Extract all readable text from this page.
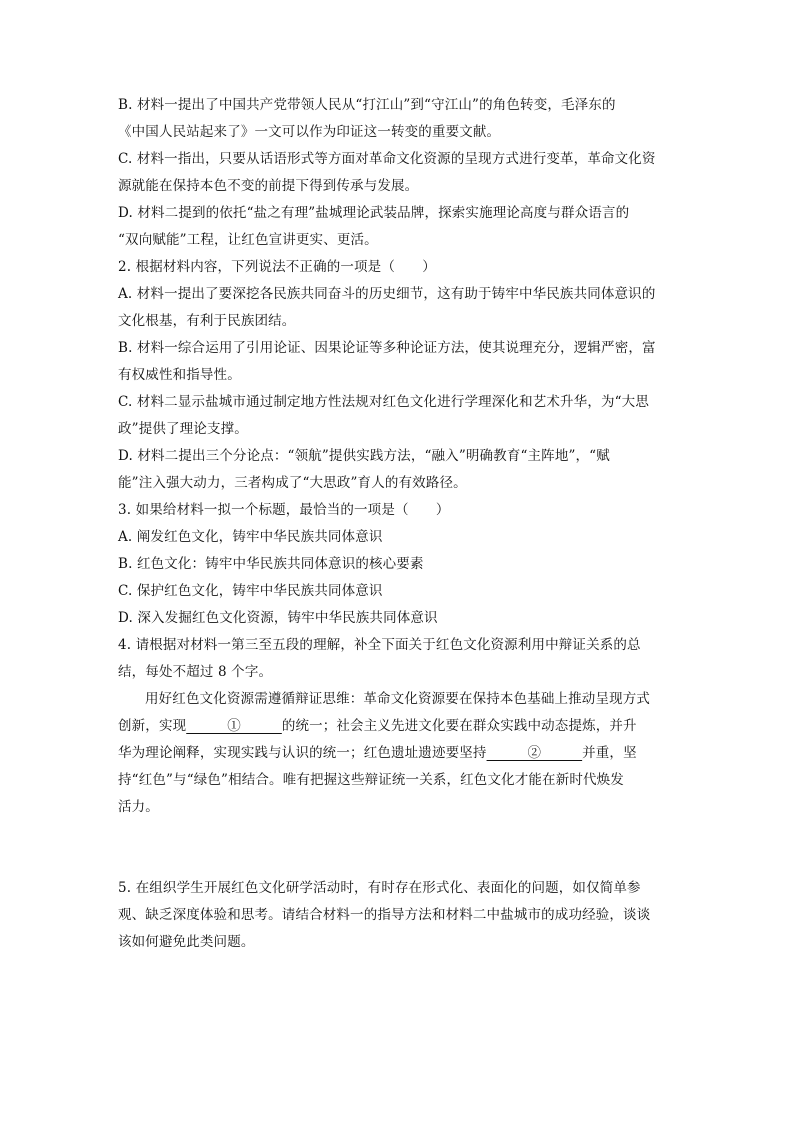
B. 材料一提出了中国共产党带领人民从“打江山”到“守江山”的角色转变，毛泽东的
《中国人民站起来了》一文可以作为印证这一转变的重要文献。
C. 材料一指出，只要从话语形式等方面对革命文化资源的呈现方式进行变革，革命文化资
源就能在保持本色不变的前提下得到传承与发展。
D. 材料二提到的依托“盐之有理”盐城理论武装品牌，探索实施理论高度与群众语言的
“双向赋能”工程，让红色宣讲更实、更活。
2. 根据材料内容，下列说法不正确的一项是（　　）
A. 材料一提出了要深挖各民族共同奋斗的历史细节，这有助于铸牢中华民族共同体意识的
文化根基，有利于民族团结。
B. 材料一综合运用了引用论证、因果论证等多种论证方法，使其说理充分，逻辑严密，富
有权威性和指导性。
C. 材料二显示盐城市通过制定地方性法规对红色文化进行学理深化和艺术升华，为“大思
政”提供了理论支撑。
D. 材料二提出三个分论点：“领航”提供实践方法，“融入”明确教育“主阵地”，“赋
能”注入强大动力，三者构成了“大思政”育人的有效路径。
3. 如果给材料一拟一个标题，最恰当的一项是（　　）
A. 阐发红色文化，铸牢中华民族共同体意识
B. 红色文化：铸牢中华民族共同体意识的核心要素
C. 保护红色文化，铸牢中华民族共同体意识
D. 深入发掘红色文化资源，铸牢中华民族共同体意识
4. 请根据对材料一第三至五段的理解，补全下面关于红色文化资源利用中辩证关系的总
结，每处不超过 8 个字。
用好红色文化资源需遵循辩证思维：革命文化资源要在保持本色基础上推动呈现方式
创新，实现　　　①　　　的统一；社会主义先进文化要在群众实践中动态提炼，并升
华为理论阐释，实现实践与认识的统一；红色遗址遗迹要坚持　　　②　　　并重，坚
持“红色”与“绿色”相结合。唯有把握这些辩证统一关系，红色文化才能在新时代焕发
活力。
5. 在组织学生开展红色文化研学活动时，有时存在形式化、表面化的问题，如仅简单参
观、缺乏深度体验和思考。请结合材料一的指导方法和材料二中盐城市的成功经验，谈谈
该如何避免此类问题。
